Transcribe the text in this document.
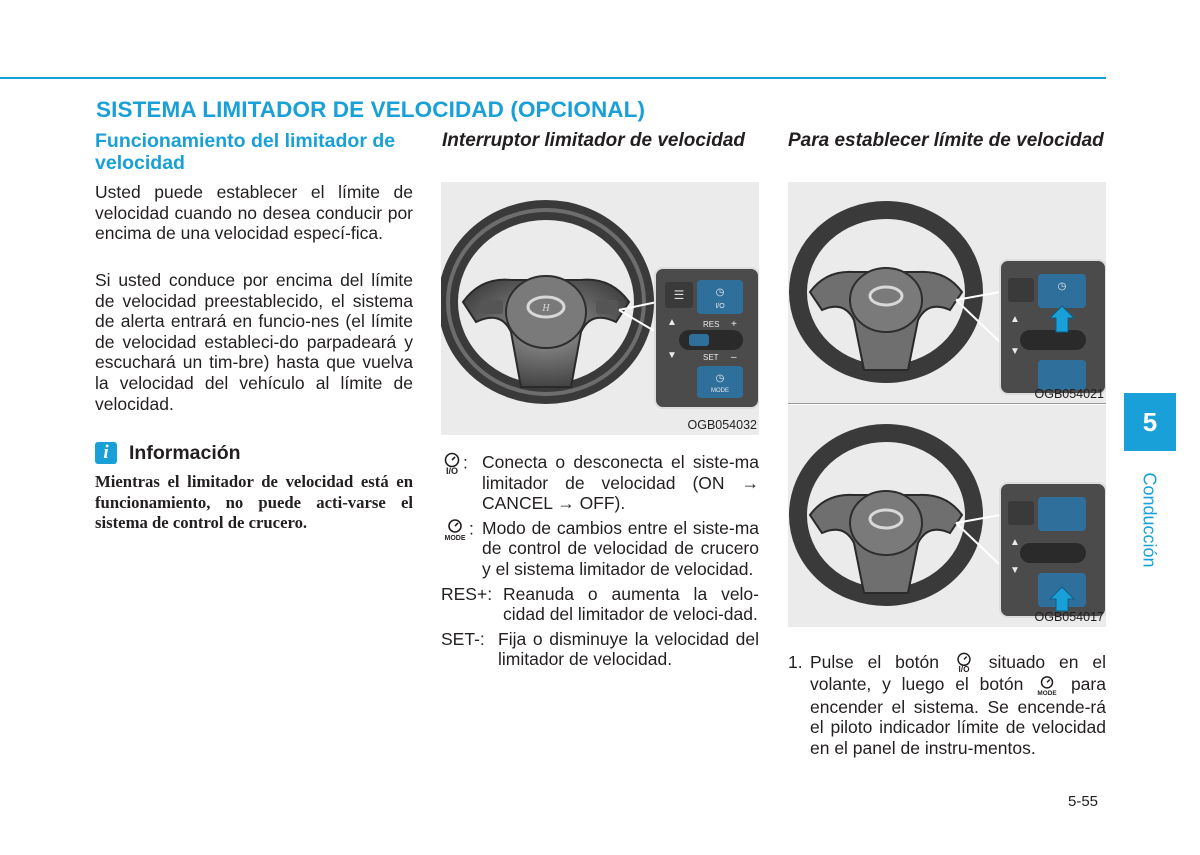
SISTEMA LIMITADOR DE VELOCIDAD (OPCIONAL)
Funcionamiento del limitador de velocidad

Usted puede establecer el límite de velocidad cuando no desea conducir por encima de una velocidad especí-fica.

Si usted conduce por encima del límite de velocidad preestablecido, el sistema de alerta entrará en funcio-nes (el límite de velocidad estableci-do parpadeará y escuchará un tim-bre) hasta que vuelva la velocidad del vehículo al límite de velocidad.

i	Información

Mientras el limitador de velocidad está en funcionamiento, no puede acti-varse el sistema de control de crucero.

Interruptor limitador de velocidad
H
☰	◷
I/O
▲	RES +
▼	SET –
◷
MODE
OGB054032
I/O : Conecta o desconecta el siste-ma limitador de velocidad (ON → CANCEL → OFF).
MODE : Modo de cambios entre el siste-ma de control de velocidad de crucero y el sistema limitador de velocidad.
RES+: Reanuda o aumenta la velo-cidad del limitador de veloci-dad.
SET-: Fija o disminuye la velocidad del limitador de velocidad.
Para establecer límite de velocidad
◷
▲
▼
OGB054021
▲
▼
OGB054017
1. Pulse el botón I/O situado en el volante, y luego el botón MODE para encender el sistema. Se encende-rá el piloto indicador límite de velocidad en el panel de instru-mentos.
5-55
5
Conducción
